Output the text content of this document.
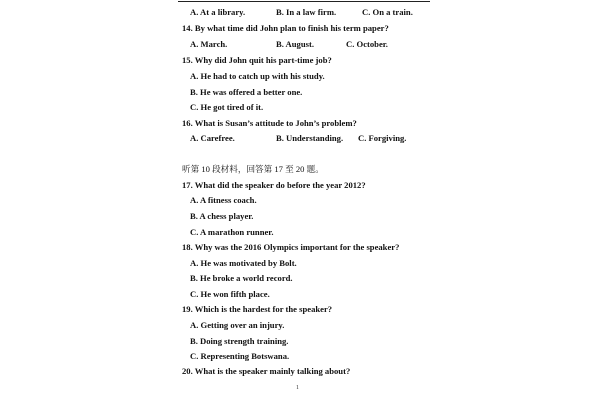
A. At a library.	B. In a law firm.	C. On a train.
14. By what time did John plan to finish his term paper?
A. March.	B. August.	C. October.
15. Why did John quit his part-time job?
A. He had to catch up with his study.
B. He was offered a better one.
C. He got tired of it.
16. What is Susan’s attitude to John’s problem?
A. Carefree.	B. Understanding. C. Forgiving.
听第 10 段材料，回答第 17 至 20 题。
17. What did the speaker do before the year 2012?
A. A fitness coach.
B. A chess player.
C. A marathon runner.
18. Why was the 2016 Olympics important for the speaker?
A. He was motivated by Bolt.
B. He broke a world record.
C. He won fifth place.
19. Which is the hardest for the speaker?
A. Getting over an injury.
B. Doing strength training.
C. Representing Botswana.
20. What is the speaker mainly talking about?
1
